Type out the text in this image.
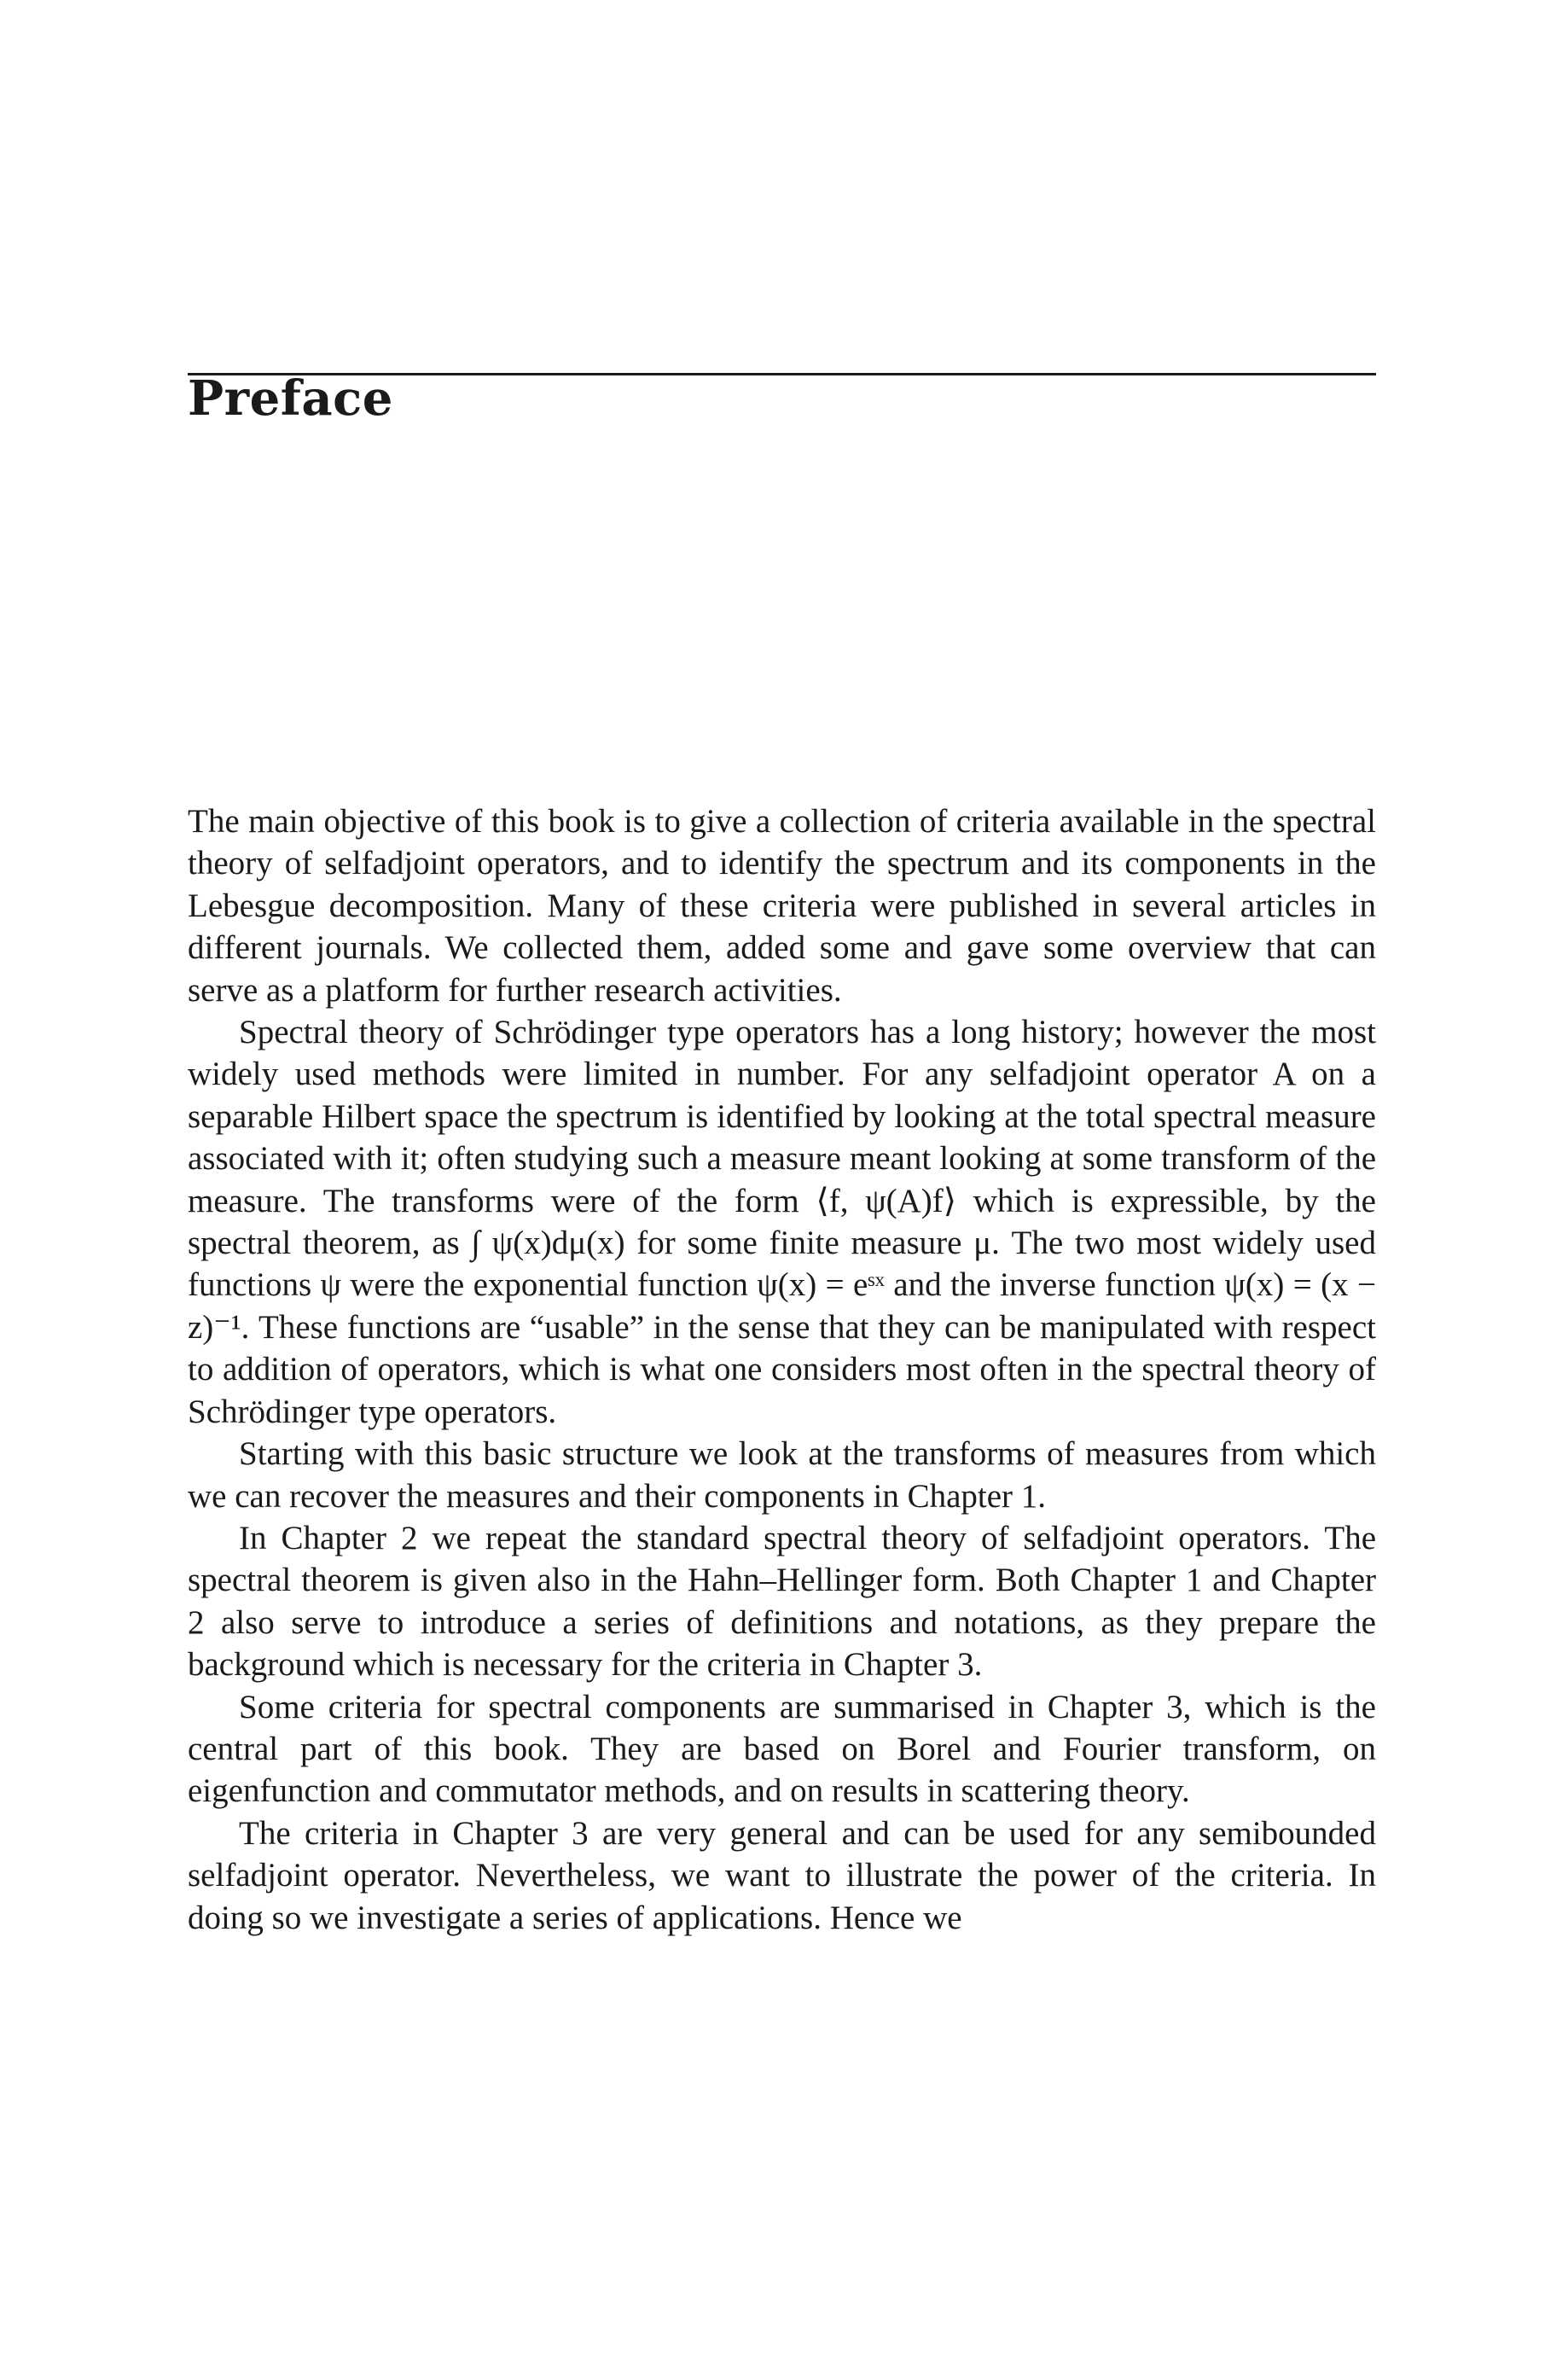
Preface

The main objective of this book is to give a collection of criteria available in the spectral theory of selfadjoint operators, and to identify the spectrum and its components in the Lebesgue decomposition. Many of these criteria were published in several articles in different journals. We collected them, added some and gave some overview that can serve as a platform for further research activities.

Spectral theory of Schrödinger type operators has a long history; however the most widely used methods were limited in number. For any selfadjoint operator A on a separable Hilbert space the spectrum is identified by looking at the total spectral measure associated with it; often studying such a measure meant looking at some transform of the measure. The transforms were of the form ⟨f, ψ(A)f⟩ which is expressible, by the spectral theorem, as ∫ ψ(x)dμ(x) for some finite measure μ. The two most widely used functions ψ were the exponential function ψ(x) = eˢˣ and the inverse function ψ(x) = (x − z)⁻¹. These functions are “usable” in the sense that they can be manipulated with respect to addition of operators, which is what one considers most often in the spectral theory of Schrödinger type operators.

Starting with this basic structure we look at the transforms of measures from which we can recover the measures and their components in Chapter 1.

In Chapter 2 we repeat the standard spectral theory of selfadjoint operators. The spectral theorem is given also in the Hahn–Hellinger form. Both Chapter 1 and Chapter 2 also serve to introduce a series of definitions and notations, as they prepare the background which is necessary for the criteria in Chapter 3.

Some criteria for spectral components are summarised in Chapter 3, which is the central part of this book. They are based on Borel and Fourier transform, on eigenfunction and commutator methods, and on results in scattering theory.

The criteria in Chapter 3 are very general and can be used for any semibounded selfadjoint operator. Nevertheless, we want to illustrate the power of the criteria. In doing so we investigate a series of applications. Hence we
